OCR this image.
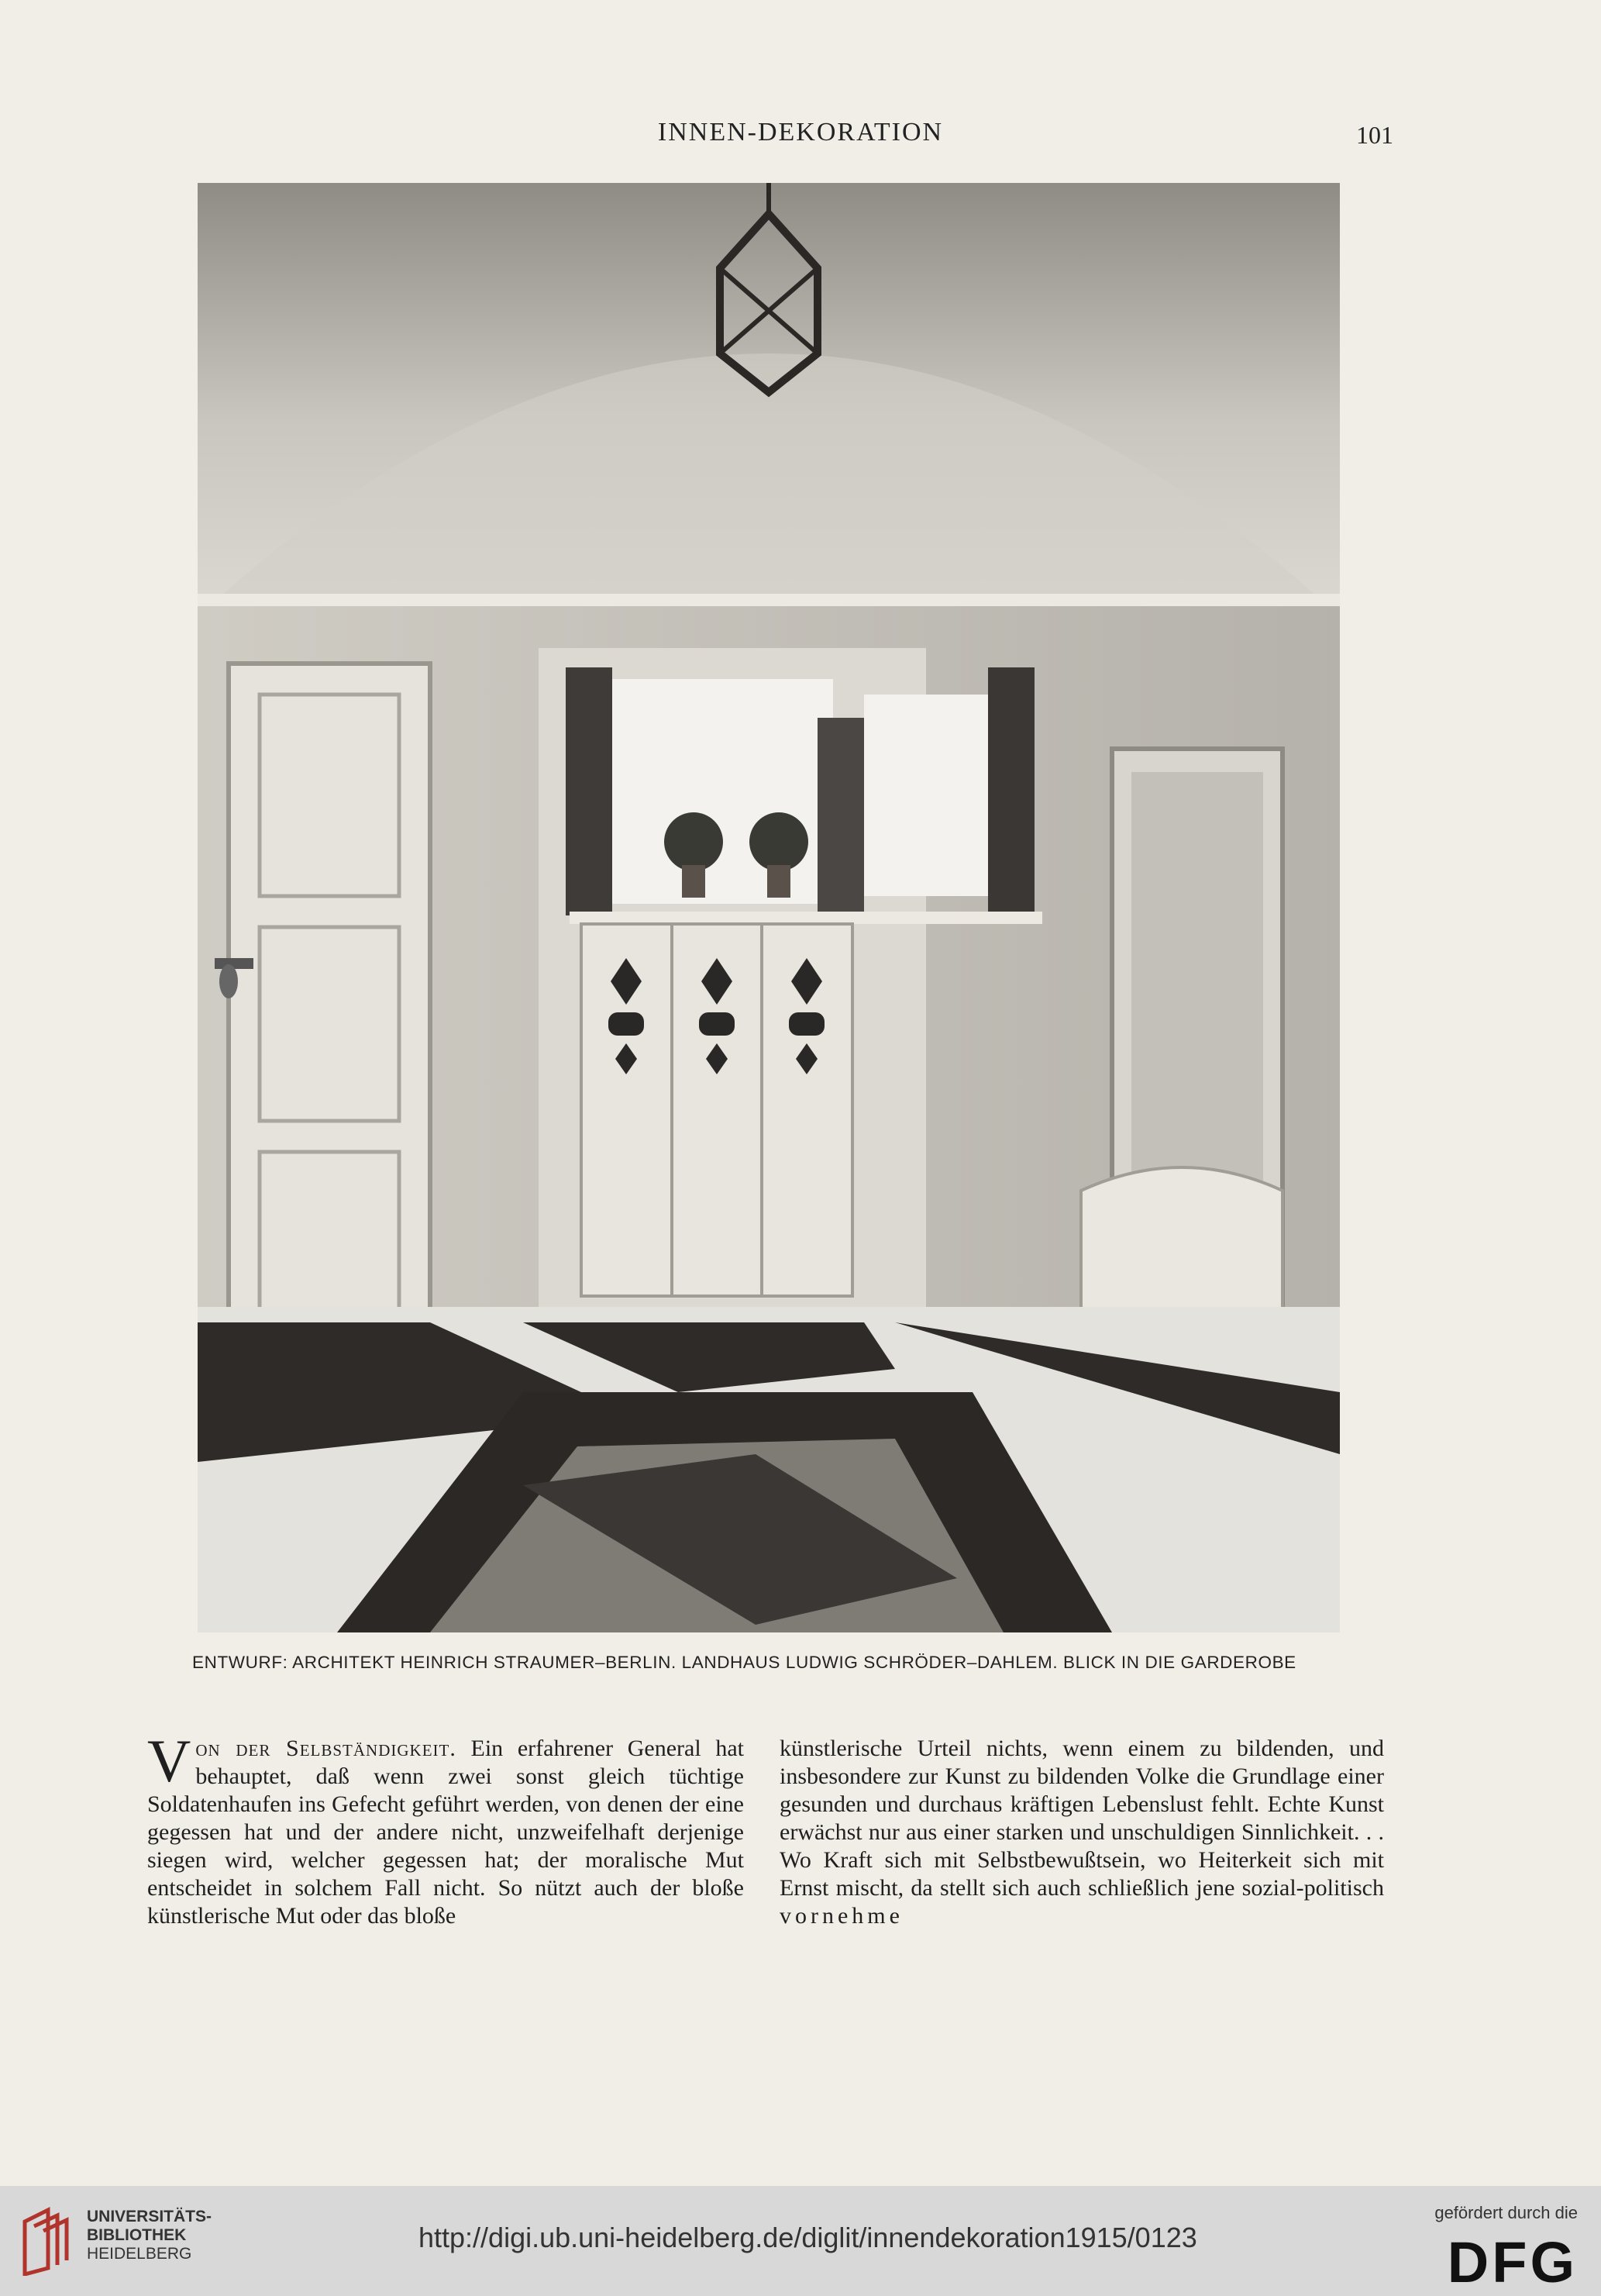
INNEN-DEKORATION	101
ENTWURF: ARCHITEKT HEINRICH STRAUMER–BERLIN. LANDHAUS LUDWIG SCHRÖDER–DAHLEM. BLICK IN DIE GARDEROBE

Von der Selbständigkeit. Ein erfahrener General hat behauptet, daß wenn zwei sonst gleich tüchtige Soldatenhaufen ins Gefecht geführt werden, von denen der eine gegessen hat und der andere nicht, unzweifelhaft derjenige siegen wird, welcher gegessen hat; der moralische Mut entscheidet in solchem Fall nicht. So nützt auch der bloße künstlerische Mut oder das bloße

künstlerische Urteil nichts, wenn einem zu bildenden, und insbesondere zur Kunst zu bildenden Volke die Grundlage einer gesunden und durchaus kräftigen Lebenslust fehlt. Echte Kunst erwächst nur aus einer starken und unschuldigen Sinnlichkeit. . . Wo Kraft sich mit Selbstbewußtsein, wo Heiterkeit sich mit Ernst mischt, da stellt sich auch schließlich jene sozial-politisch vornehme

UNIVERSITÄTS-
BIBLIOTHEK
HEIDELBERG
http://digi.ub.uni-heidelberg.de/diglit/innendekoration1915/0123
gefördert durch die
DFG
